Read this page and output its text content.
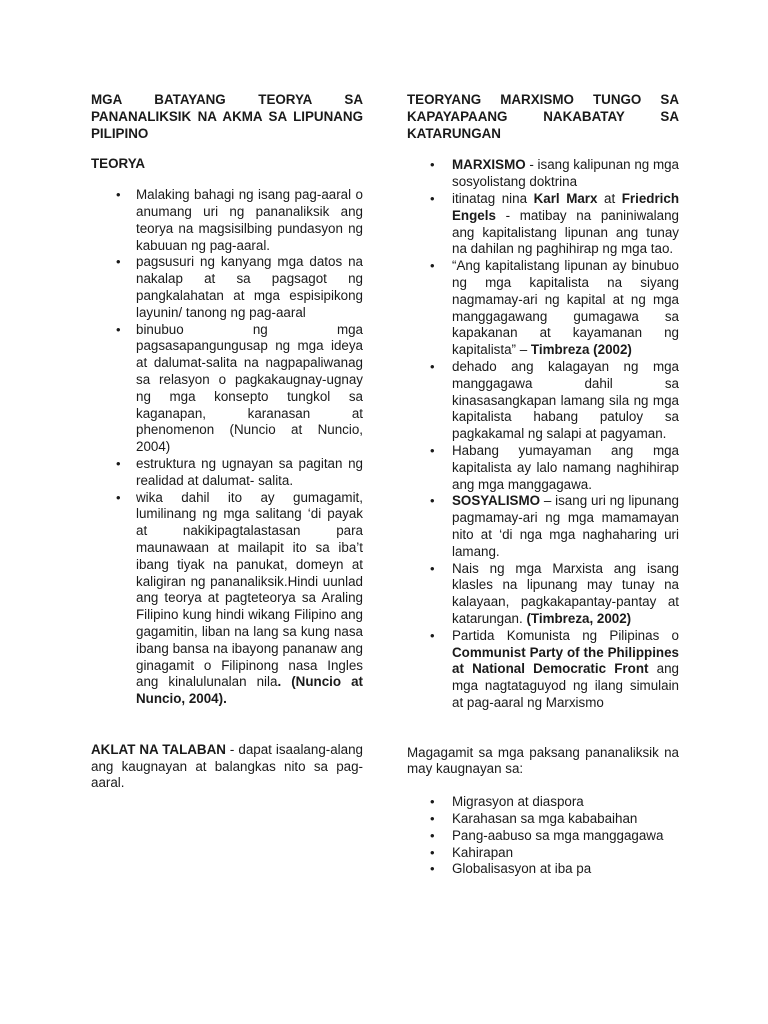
MGA BATAYANG TEORYA SA PANANALIKSIK NA AKMA SA LIPUNANG PILIPINO

TEORYA
• Malaking bahagi ng isang pag-aaral o anumang uri ng pananaliksik ang teorya na magsisilbing pundasyon ng kabuuan ng pag-aaral.
• pagsusuri ng kanyang mga datos na nakalap at sa pagsagot ng pangkalahatan at mga espisipikong layunin/ tanong ng pag-aaral
• binubuo ng mga pagsasapangungusap ng mga ideya at dalumat-salita na nagpapaliwanag sa relasyon o pagkakaugnay-ugnay ng mga konsepto tungkol sa kaganapan, karanasan at phenomenon (Nuncio at Nuncio, 2004)
• estruktura ng ugnayan sa pagitan ng realidad at dalumat- salita.
• wika dahil ito ay gumagamit, lumilinang ng mga salitang ‘di payak at nakikipagtalastasan para maunawaan at mailapit ito sa iba’t ibang tiyak na panukat, domeyn at kaligiran ng pananaliksik.Hindi uunlad ang teorya at pagteteorya sa Araling Filipino kung hindi wikang Filipino ang gagamitin, liban na lang sa kung nasa ibang bansa na ibayong pananaw ang ginagamit o Filipinong nasa Ingles ang kinalulunalan nila. (Nuncio at Nuncio, 2004).

AKLAT NA TALABAN - dapat isaalang-alang ang kaugnayan at balangkas nito sa pag-aaral.

TEORYANG MARXISMO TUNGO SA KAPAYAPAANG NAKABATAY SA KATARUNGAN

• MARXISMO - isang kalipunan ng mga sosyolistang doktrina
• itinatag nina Karl Marx at Friedrich Engels - matibay na paniniwalang ang kapitalistang lipunan ang tunay na dahilan ng paghihirap ng mga tao.
• “Ang kapitalistang lipunan ay binubuo ng mga kapitalista na siyang nagmamay-ari ng kapital at ng mga manggagawang gumagawa sa kapakanan at kayamanan ng kapitalista” – Timbreza (2002)
• dehado ang kalagayan ng mga manggagawa dahil sa kinasasangkapan lamang sila ng mga kapitalista habang patuloy sa pagkakamal ng salapi at pagyaman.
• Habang yumayaman ang mga kapitalista ay lalo namang naghihirap ang mga manggagawa.
• SOSYALISMO – isang uri ng lipunang pagmamay-ari ng mga mamamayan nito at ‘di nga mga naghaharing uri lamang.
• Nais ng mga Marxista ang isang klasles na lipunang may tunay na kalayaan, pagkakapantay-pantay at katarungan. (Timbreza, 2002)
• Partida Komunista ng Pilipinas o Communist Party of the Philippines at National Democratic Front ang mga nagtataguyod ng ilang simulain at pag-aaral ng Marxismo

Magagamit sa mga paksang pananaliksik na may kaugnayan sa:

• Migrasyon at diaspora
• Karahasan sa mga kababaihan
• Pang-aabuso sa mga manggagawa
• Kahirapan
• Globalisasyon at iba pa
